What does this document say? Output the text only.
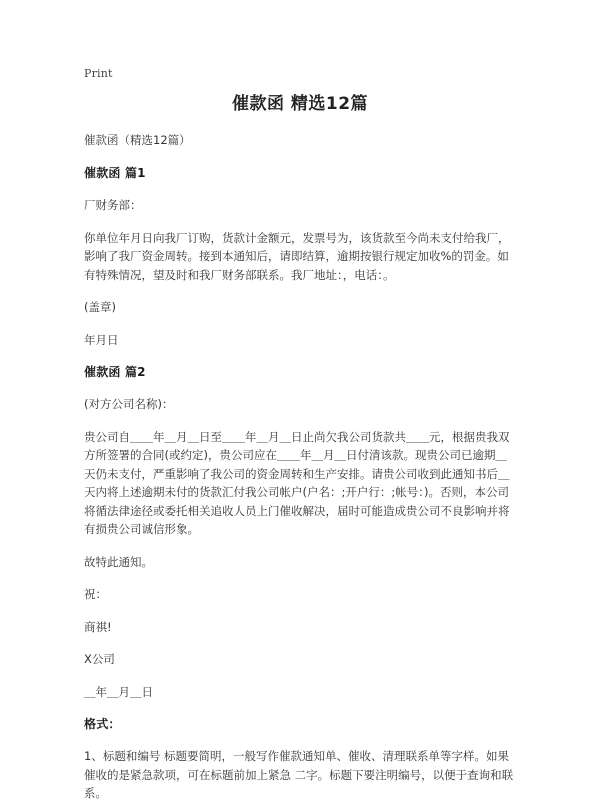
Print
催款函 精选12篇

催款函（精选12篇）

催款函 篇1

厂财务部：

你单位年月日向我厂订购，货款计金额元，发票号为，该货款至今尚未支付给我厂，影响了我厂资金周转。接到本通知后，请即结算，逾期按银行规定加收%的罚金。如有特殊情况，望及时和我厂财务部联系。我厂地址：，电话：。

(盖章)

年月日

催款函 篇2

(对方公司名称)：

贵公司自＿＿年＿月＿日至＿＿年＿月＿日止尚欠我公司货款共＿＿元，根据贵我双方所签署的合同(或约定)，贵公司应在＿＿年＿月＿日付清该款。现贵公司已逾期＿天仍未支付，严重影响了我公司的资金周转和生产安排。请贵公司收到此通知书后＿天内将上述逾期未付的货款汇付我公司帐户(户名：;开户行：;帐号：)。否则，本公司将循法律途径或委托相关追收人员上门催收解决，届时可能造成贵公司不良影响并将有损贵公司诚信形象。

故特此通知。

祝：

商祺!

X公司

＿年＿月＿日

格式：

1、标题和编号 标题要简明，一般写作催款通知单、催收、清理联系单等字样。如果催收的是紧急款项，可在标题前加上紧急 二字。标题下要注明编号，以便于查询和联系。
